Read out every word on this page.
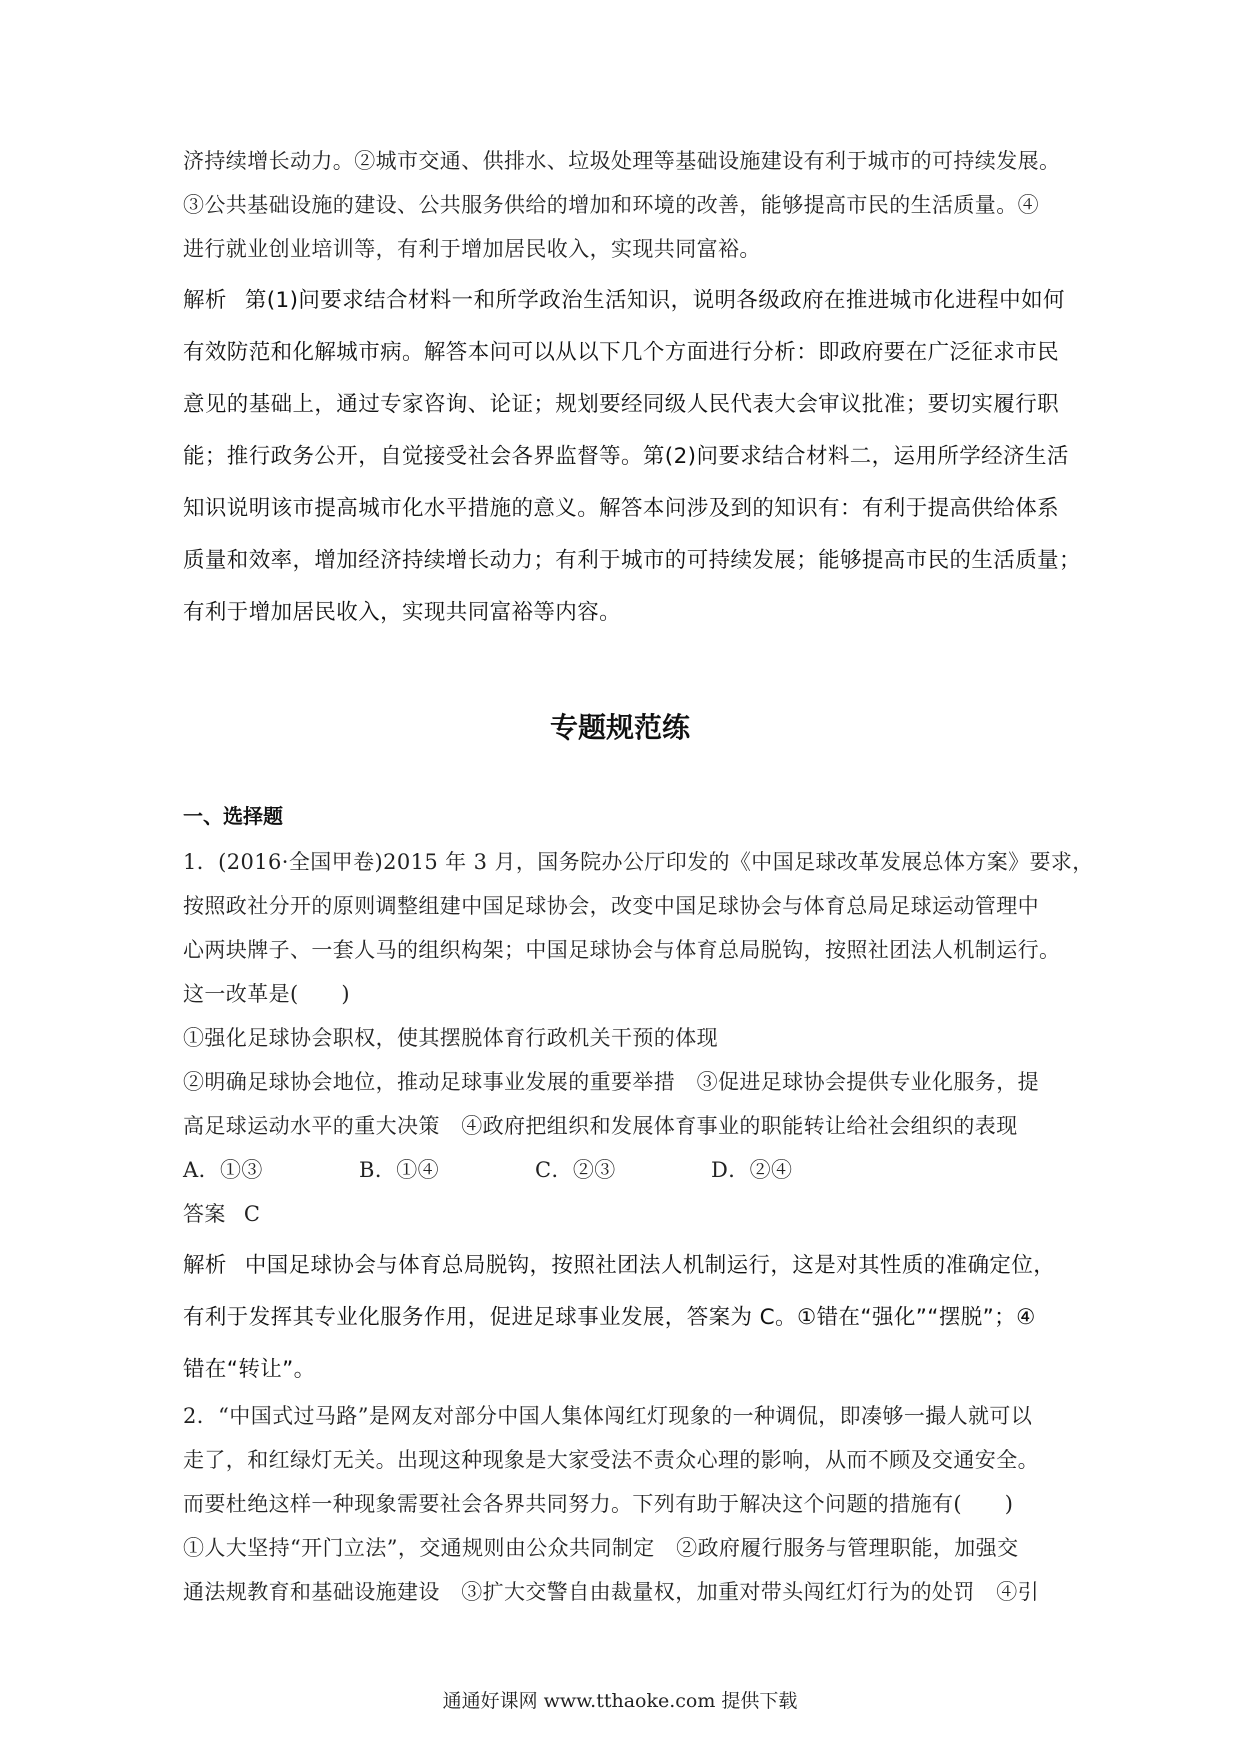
济持续增长动力。②城市交通、供排水、垃圾处理等基础设施建设有利于城市的可持续发展。
③公共基础设施的建设、公共服务供给的增加和环境的改善，能够提高市民的生活质量。④
进行就业创业培训等，有利于增加居民收入，实现共同富裕。
解析 第(1)问要求结合材料一和所学政治生活知识，说明各级政府在推进城市化进程中如何
有效防范和化解城市病。解答本问可以从以下几个方面进行分析：即政府要在广泛征求市民
意见的基础上，通过专家咨询、论证；规划要经同级人民代表大会审议批准；要切实履行职
能；推行政务公开，自觉接受社会各界监督等。第(2)问要求结合材料二，运用所学经济生活
知识说明该市提高城市化水平措施的意义。解答本问涉及到的知识有：有利于提高供给体系
质量和效率，增加经济持续增长动力；有利于城市的可持续发展；能够提高市民的生活质量；
有利于增加居民收入，实现共同富裕等内容。
专题规范练
一、选择题
1．(2016·全国甲卷)2015 年 3 月，国务院办公厅印发的《中国足球改革发展总体方案》要求，
按照政社分开的原则调整组建中国足球协会，改变中国足球协会与体育总局足球运动管理中
心两块牌子、一套人马的组织构架；中国足球协会与体育总局脱钩，按照社团法人机制运行。
这一改革是(　　)
①强化足球协会职权，使其摆脱体育行政机关干预的体现
②明确足球协会地位，推动足球事业发展的重要举措　③促进足球协会提供专业化服务，提
高足球运动水平的重大决策　④政府把组织和发展体育事业的职能转让给社会组织的表现
A．①③	B．①④	C．②③	D．②④
答案 C
解析 中国足球协会与体育总局脱钩，按照社团法人机制运行，这是对其性质的准确定位，
有利于发挥其专业化服务作用，促进足球事业发展，答案为 C。①错在“强化”“摆脱”；④
错在“转让”。
2．“中国式过马路”是网友对部分中国人集体闯红灯现象的一种调侃，即凑够一撮人就可以
走了，和红绿灯无关。出现这种现象是大家受法不责众心理的影响，从而不顾及交通安全。
而要杜绝这样一种现象需要社会各界共同努力。下列有助于解决这个问题的措施有(　　)
①人大坚持“开门立法”，交通规则由公众共同制定　②政府履行服务与管理职能，加强交
通法规教育和基础设施建设　③扩大交警自由裁量权，加重对带头闯红灯行为的处罚　④引
通通好课网 www.tthaoke.com 提供下载
